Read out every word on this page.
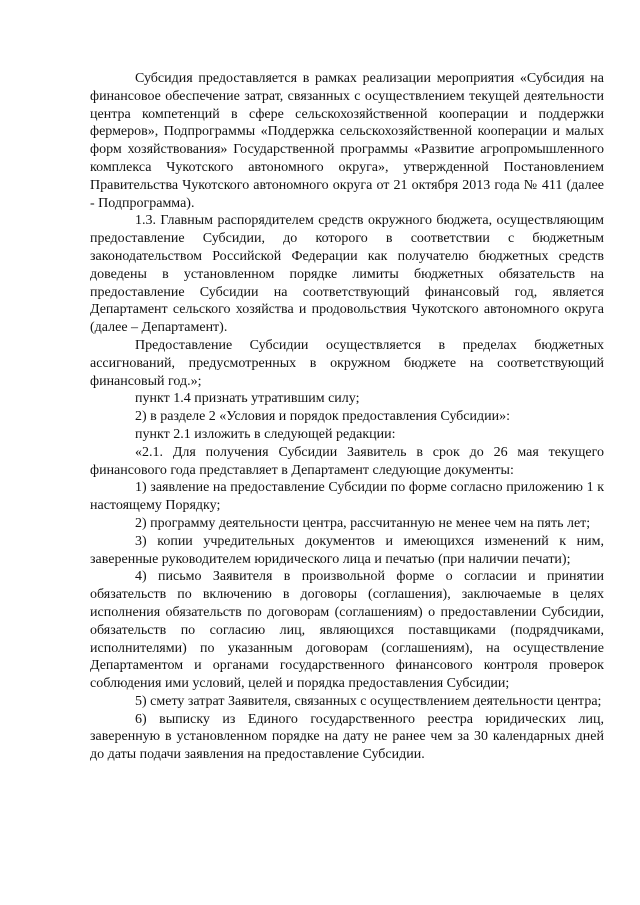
Субсидия предоставляется в рамках реализации мероприятия «Субсидия на финансовое обеспечение затрат, связанных с осуществлением текущей деятельности центра компетенций в сфере сельскохозяйственной кооперации и поддержки фермеров», Подпрограммы «Поддержка сельскохозяйственной кооперации и малых форм хозяйствования» Государственной программы «Развитие агропромышленного комплекса Чукотского автономного округа», утвержденной Постановлением Правительства Чукотского автономного округа от 21 октября 2013 года № 411 (далее - Подпрограмма).

1.3. Главным распорядителем средств окружного бюджета, осуществляющим предоставление Субсидии, до которого в соответствии с бюджетным законодательством Российской Федерации как получателю бюджетных средств доведены в установленном порядке лимиты бюджетных обязательств на предоставление Субсидии на соответствующий финансовый год, является Департамент сельского хозяйства и продовольствия Чукотского автономного округа (далее – Департамент).

Предоставление Субсидии осуществляется в пределах бюджетных ассигнований, предусмотренных в окружном бюджете на соответствующий финансовый год.»;

пункт 1.4 признать утратившим силу;

2) в разделе 2 «Условия и порядок предоставления Субсидии»:

пункт 2.1 изложить в следующей редакции:

«2.1. Для получения Субсидии Заявитель в срок до 26 мая текущего финансового года представляет в Департамент следующие документы:

1) заявление на предоставление Субсидии по форме согласно приложению 1 к настоящему Порядку;

2) программу деятельности центра, рассчитанную не менее чем на пять лет;

3) копии учредительных документов и имеющихся изменений к ним, заверенные руководителем юридического лица и печатью (при наличии печати);

4) письмо Заявителя в произвольной форме о согласии и принятии обязательств по включению в договоры (соглашения), заключаемые в целях исполнения обязательств по договорам (соглашениям) о предоставлении Субсидии, обязательств по согласию лиц, являющихся поставщиками (подрядчиками, исполнителями) по указанным договорам (соглашениям), на осуществление Департаментом и органами государственного финансового контроля проверок соблюдения ими условий, целей и порядка предоставления Субсидии;

5) смету затрат Заявителя, связанных с осуществлением деятельности центра;

6) выписку из Единого государственного реестра юридических лиц, заверенную в установленном порядке на дату не ранее чем за 30 календарных дней до даты подачи заявления на предоставление Субсидии.
